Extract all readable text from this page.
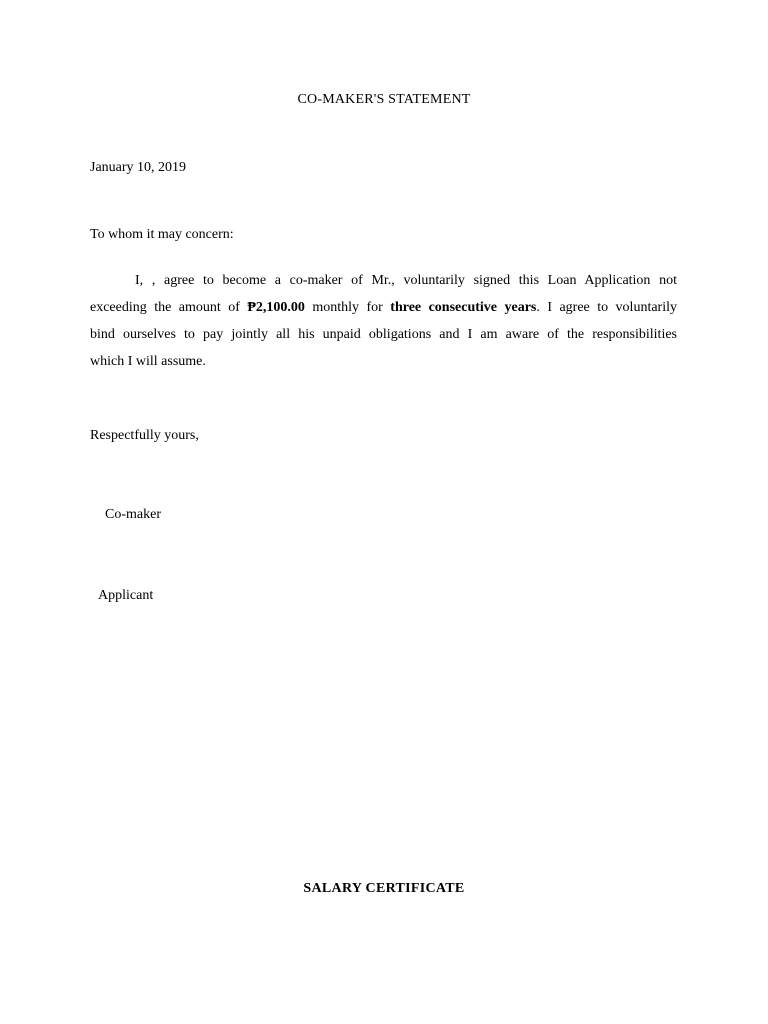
CO-MAKER'S STATEMENT
January 10, 2019
To whom it may concern:
I, , agree to become a co-maker of Mr., voluntarily signed this Loan Application not
exceeding the amount of ₱2,100.00 monthly for three consecutive years. I agree to voluntarily
bind ourselves to pay jointly all his unpaid obligations and I am aware of the responsibilities
which I will assume.
Respectfully yours,
Co-maker
Applicant
SALARY CERTIFICATE
